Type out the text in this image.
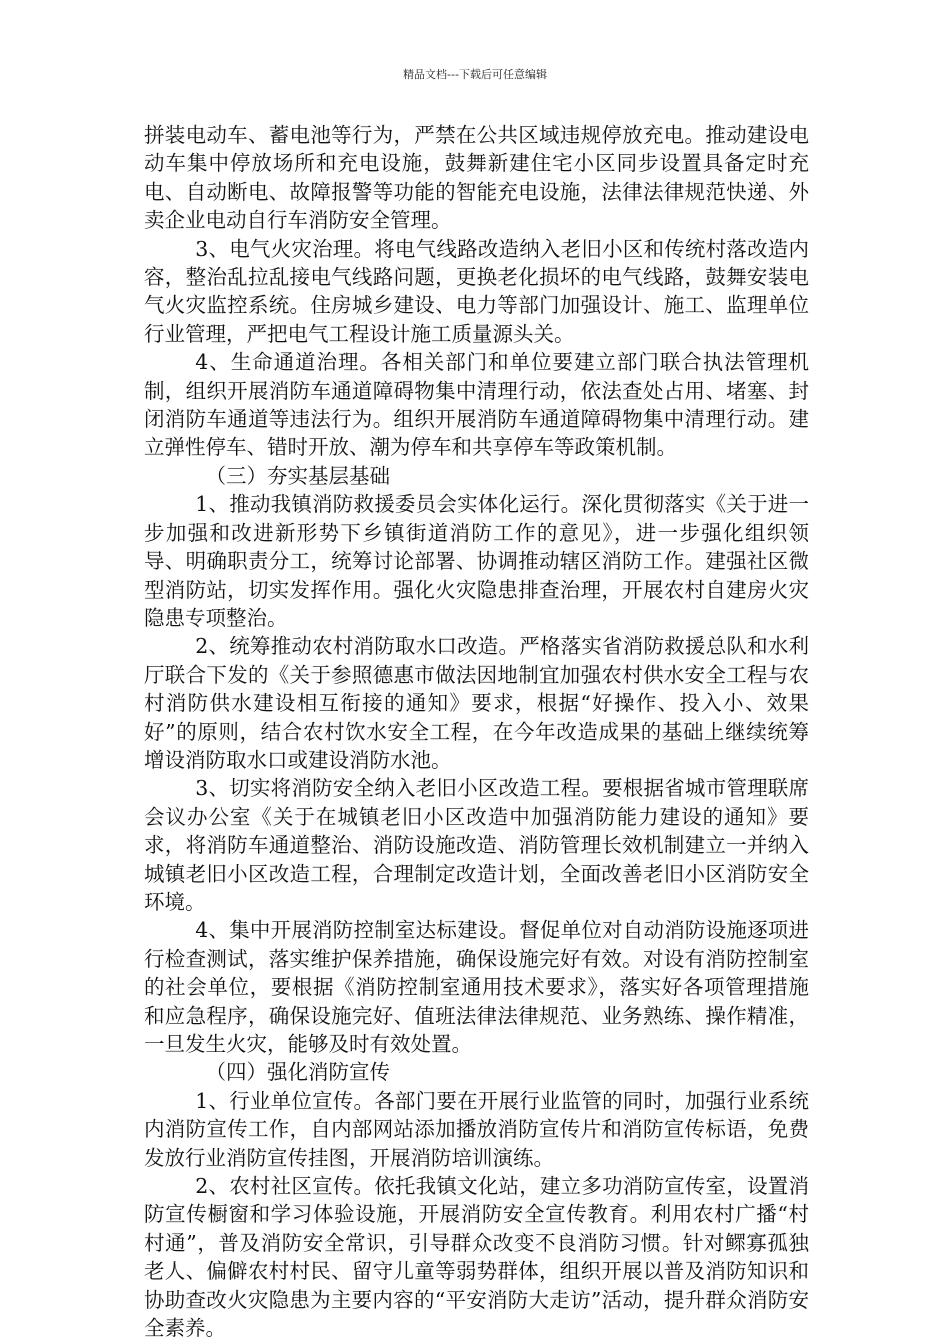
精品文档---下载后可任意编辑

拼装电动车、蓄电池等行为，严禁在公共区域违规停放充电。推动建设电动车集中停放场所和充电设施，鼓舞新建住宅小区同步设置具备定时充电、自动断电、故障报警等功能的智能充电设施，法律法律规范快递、外卖企业电动自行车消防安全管理。

3、电气火灾治理。将电气线路改造纳入老旧小区和传统村落改造内容，整治乱拉乱接电气线路问题，更换老化损坏的电气线路，鼓舞安装电气火灾监控系统。住房城乡建设、电力等部门加强设计、施工、监理单位行业管理，严把电气工程设计施工质量源头关。

4、生命通道治理。各相关部门和单位要建立部门联合执法管理机制，组织开展消防车通道障碍物集中清理行动，依法查处占用、堵塞、封闭消防车通道等违法行为。组织开展消防车通道障碍物集中清理行动。建立弹性停车、错时开放、潮为停车和共享停车等政策机制。

（三）夯实基层基础

1、推动我镇消防救援委员会实体化运行。深化贯彻落实《关于进一步加强和改进新形势下乡镇街道消防工作的意见》，进一步强化组织领导、明确职责分工，统筹讨论部署、协调推动辖区消防工作。建强社区微型消防站，切实发挥作用。强化火灾隐患排查治理，开展农村自建房火灾隐患专项整治。

2、统筹推动农村消防取水口改造。严格落实省消防救援总队和水利厅联合下发的《关于参照德惠市做法因地制宜加强农村供水安全工程与农村消防供水建设相互衔接的通知》要求，根据“好操作、投入小、效果好”的原则，结合农村饮水安全工程，在今年改造成果的基础上继续统筹增设消防取水口或建设消防水池。

3、切实将消防安全纳入老旧小区改造工程。要根据省城市管理联席会议办公室《关于在城镇老旧小区改造中加强消防能力建设的通知》要求，将消防车通道整治、消防设施改造、消防管理长效机制建立一并纳入城镇老旧小区改造工程，合理制定改造计划，全面改善老旧小区消防安全环境。

4、集中开展消防控制室达标建设。督促单位对自动消防设施逐项进行检查测试，落实维护保养措施，确保设施完好有效。对设有消防控制室的社会单位，要根据《消防控制室通用技术要求》，落实好各项管理措施和应急程序，确保设施完好、值班法律法律规范、业务熟练、操作精准，一旦发生火灾，能够及时有效处置。

（四）强化消防宣传

1、行业单位宣传。各部门要在开展行业监管的同时，加强行业系统内消防宣传工作，自内部网站添加播放消防宣传片和消防宣传标语，免费发放行业消防宣传挂图，开展消防培训演练。

2、农村社区宣传。依托我镇文化站，建立多功消防宣传室，设置消防宣传橱窗和学习体验设施，开展消防安全宣传教育。利用农村广播“村村通”，普及消防安全常识，引导群众改变不良消防习惯。针对鳏寡孤独老人、偏僻农村村民、留守儿童等弱势群体，组织开展以普及消防知识和协助查改火灾隐患为主要内容的“平安消防大走访”活动，提升群众消防安全素养。
